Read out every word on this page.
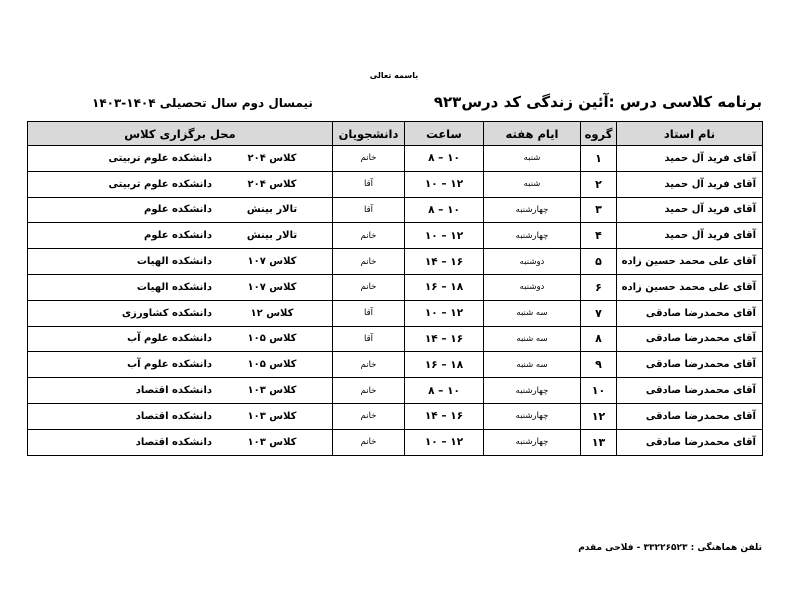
باسمه تعالی
برنامه کلاسی درس :آئین زندگی کد درس۹۲۳
نیمسال دوم سال تحصیلی ۱۴۰۴-۱۴۰۳
نام استاد	گروه	ایام هفته	ساعت	دانشجویان	محل برگزاری کلاس
آقای فرید آل حمید	۱	شنبه	۱۰ – ۸	خانم	کلاس ۲۰۴دانشکده علوم تربیتی
آقای فرید آل حمید	۲	شنبه	۱۲ – ۱۰	آقا	کلاس ۲۰۴دانشکده علوم تربیتی
آقای فرید آل حمید	۳	چهارشنبه	۱۰ – ۸	آقا	تالار بینشدانشکده علوم
آقای فرید آل حمید	۴	چهارشنبه	۱۲ – ۱۰	خانم	تالار بینشدانشکده علوم
آقای علی محمد حسین زاده	۵	دوشنبه	۱۶ – ۱۴	خانم	کلاس ۱۰۷دانشکده الهیات
آقای علی محمد حسین زاده	۶	دوشنبه	۱۸ – ۱۶	خانم	کلاس ۱۰۷دانشکده الهیات
آقای محمدرضا صادقی	۷	سه شنبه	۱۲ – ۱۰	آقا	کلاس ۱۲دانشکده کشاورزی
آقای محمدرضا صادقی	۸	سه شنبه	۱۶ – ۱۴	آقا	کلاس ۱۰۵دانشکده علوم آب
آقای محمدرضا صادقی	۹	سه شنبه	۱۸ – ۱۶	خانم	کلاس ۱۰۵دانشکده علوم آب
آقای محمدرضا صادقی	۱۰	چهارشنبه	۱۰ – ۸	خانم	کلاس ۱۰۳دانشکده اقتصاد
آقای محمدرضا صادقی	۱۲	چهارشنبه	۱۶ – ۱۴	خانم	کلاس ۱۰۳دانشکده اقتصاد
آقای محمدرضا صادقی	۱۳	چهارشنبه	۱۲ – ۱۰	خانم	کلاس ۱۰۳دانشکده اقتصاد
تلفن هماهنگی : ۳۳۲۲۶۵۲۳ - فلاحی مقدم
